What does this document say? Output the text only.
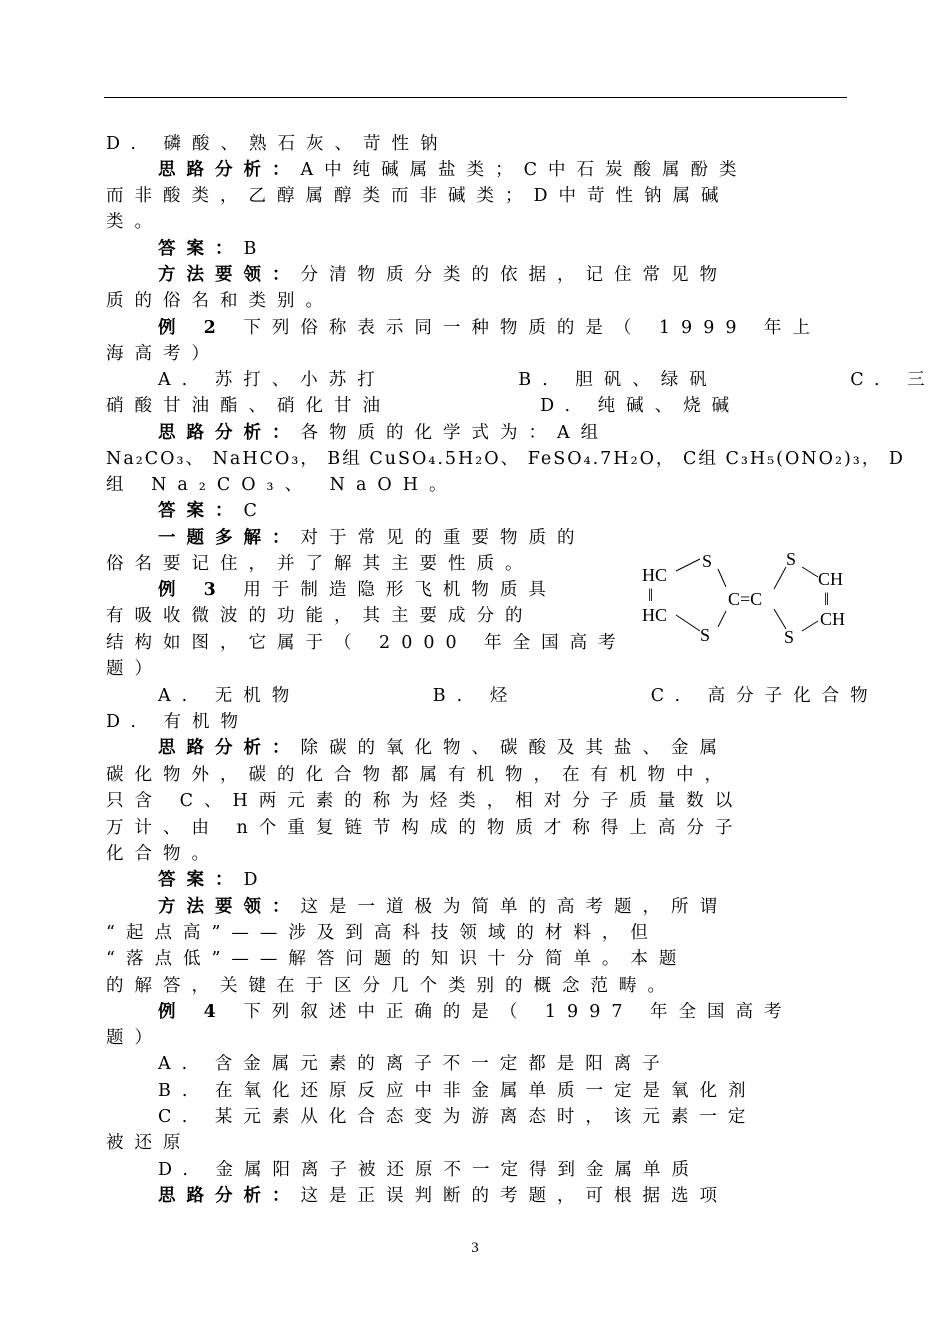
D. 磷酸、熟石灰、苛性钠
思路分析：A中纯碱属盐类；C中石炭酸属酚类
而非酸类，乙醇属醇类而非碱类；D中苛性钠属碱
类。
答案：B
方法要领：分清物质分类的依据，记住常见物
质的俗名和类别。
例 2 下列俗称表示同一种物质的是（ 1999 年上
海高考）
A. 苏打、小苏打        B. 胆矾、绿矾        C. 三
硝酸甘油酯、硝化甘油         D. 纯碱、烧碱
思路分析：各物质的化学式为：A组
Na₂CO₃、 NaHCO₃， B组 CuSO₄.5H₂O、 FeSO₄.7H₂O， C组 C₃H₅(ONO₂)₃， D
组 Na₂CO₃、 NaOH。
答案：C
一题多解：对于常见的重要物质的
俗名要记住，并了解其主要性质。
例 3 用于制造隐形飞机物质具
有吸收微波的功能，其主要成分的
结构如图，它属于（ 2000 年全国高考
题）
A. 无机物        B. 烃        C. 高分子化合物
D. 有机物
思路分析：除碳的氧化物、碳酸及其盐、金属
碳化物外，碳的化合物都属有机物，在有机物中，
只含 C、H两元素的称为烃类，相对分子质量数以
万计、由 n个重复链节构成的物质才称得上高分子
化合物。
答案：D
方法要领：这是一道极为简单的高考题，所谓
“起点高”——涉及到高科技领域的材料，但
“落点低”——解答问题的知识十分简单。本题
的解答，关键在于区分几个类别的概念范畴。
例 4 下列叙述中正确的是（ 1997 年全国高考
题）
A. 含金属元素的离子不一定都是阳离子
B. 在氧化还原反应中非金属单质一定是氧化剂
C. 某元素从化合态变为游离态时，该元素一定
被还原
D. 金属阳离子被还原不一定得到金属单质
思路分析：这是正误判断的考题，可根据选项
HC
‖
HC
S
S
C=C
S
S
CH
‖
CH
3
